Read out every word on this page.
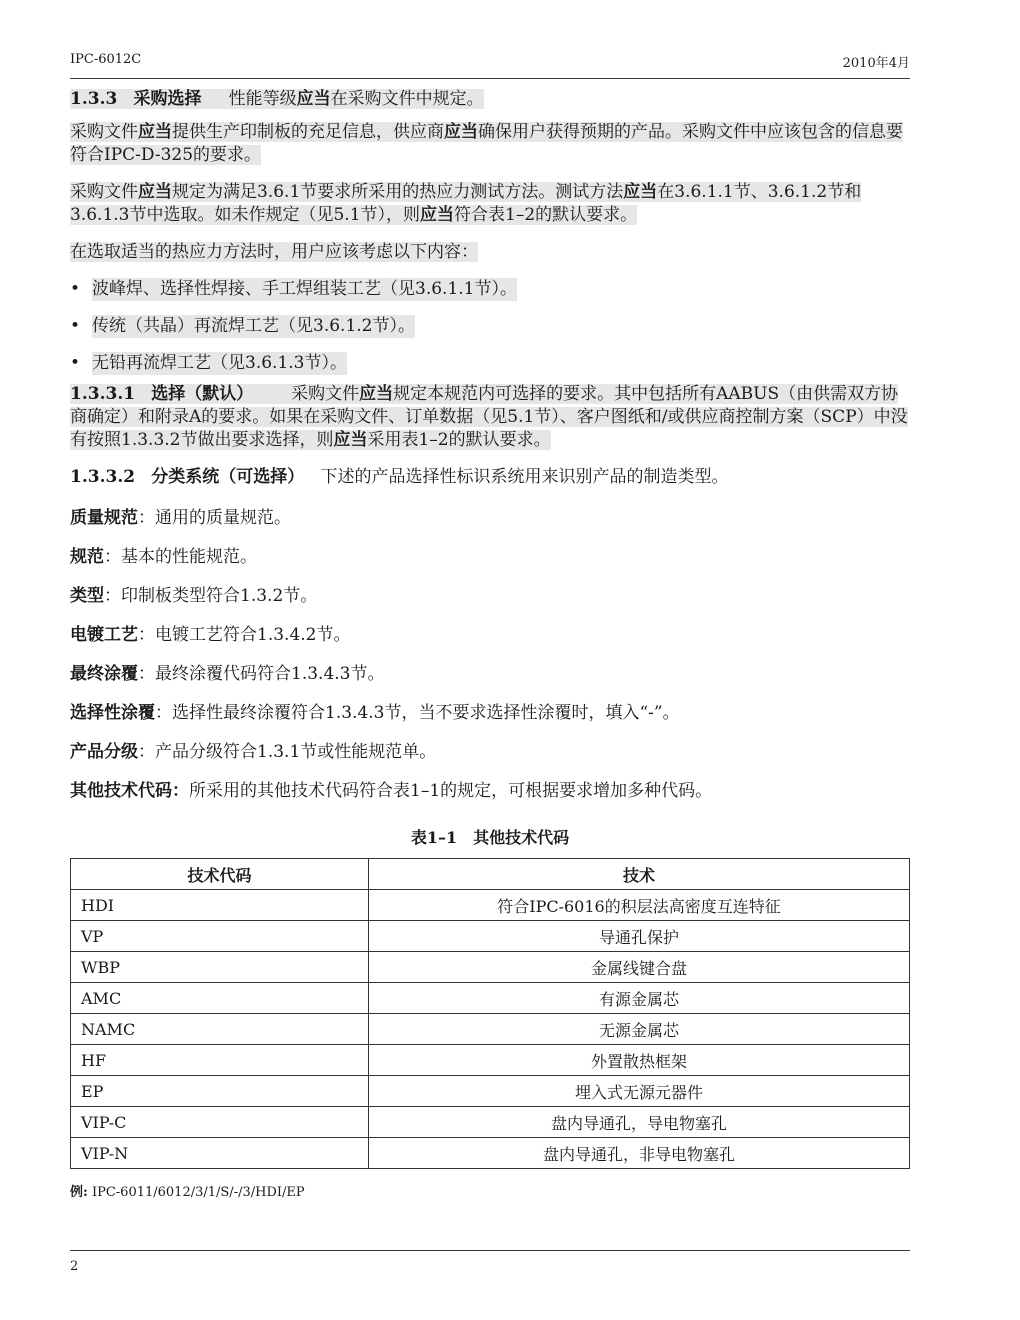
IPC-6012C	2010年4月

1.3.3 采购选择 性能等级应当在采购文件中规定。

采购文件应当提供生产印制板的充足信息，供应商应当确保用户获得预期的产品。采购文件中应该包含的信息要符合IPC-D-325的要求。

采购文件应当规定为满足3.6.1节要求所采用的热应力测试方法。测试方法应当在3.6.1.1节、3.6.1.2节和3.6.1.3节中选取。如未作规定（见5.1节），则应当符合表1–2的默认要求。

在选取适当的热应力方法时，用户应该考虑以下内容：

• 波峰焊、选择性焊接、手工焊组装工艺（见3.6.1.1节）。

• 传统（共晶）再流焊工艺（见3.6.1.2节）。

• 无铅再流焊工艺（见3.6.1.3节）。

1.3.3.1 选择（默认） 采购文件应当规定本规范内可选择的要求。其中包括所有AABUS（由供需双方协商确定）和附录A的要求。如果在采购文件、订单数据（见5.1节）、客户图纸和/或供应商控制方案（SCP）中没有按照1.3.3.2节做出要求选择，则应当采用表1–2的默认要求。

1.3.3.2 分类系统（可选择） 下述的产品选择性标识系统用来识别产品的制造类型。

质量规范：通用的质量规范。

规范：基本的性能规范。

类型：印制板类型符合1.3.2节。

电镀工艺：电镀工艺符合1.3.4.2节。

最终涂覆：最终涂覆代码符合1.3.4.3节。

选择性涂覆：选择性最终涂覆符合1.3.4.3节，当不要求选择性涂覆时，填入“-”。

产品分级：产品分级符合1.3.1节或性能规范单。

其他技术代码：所采用的其他技术代码符合表1–1的规定，可根据要求增加多种代码。

表1–1　其他技术代码
技术代码	技术
HDI	符合IPC-6016的积层法高密度互连特征
VP	导通孔保护
WBP	金属线键合盘
AMC	有源金属芯
NAMC	无源金属芯
HF	外置散热框架
EP	埋入式无源元器件
VIP-C	盘内导通孔，导电物塞孔
VIP-N	盘内导通孔，非导电物塞孔

例: IPC-6011/6012/3/1/S/-/3/HDI/EP

2
